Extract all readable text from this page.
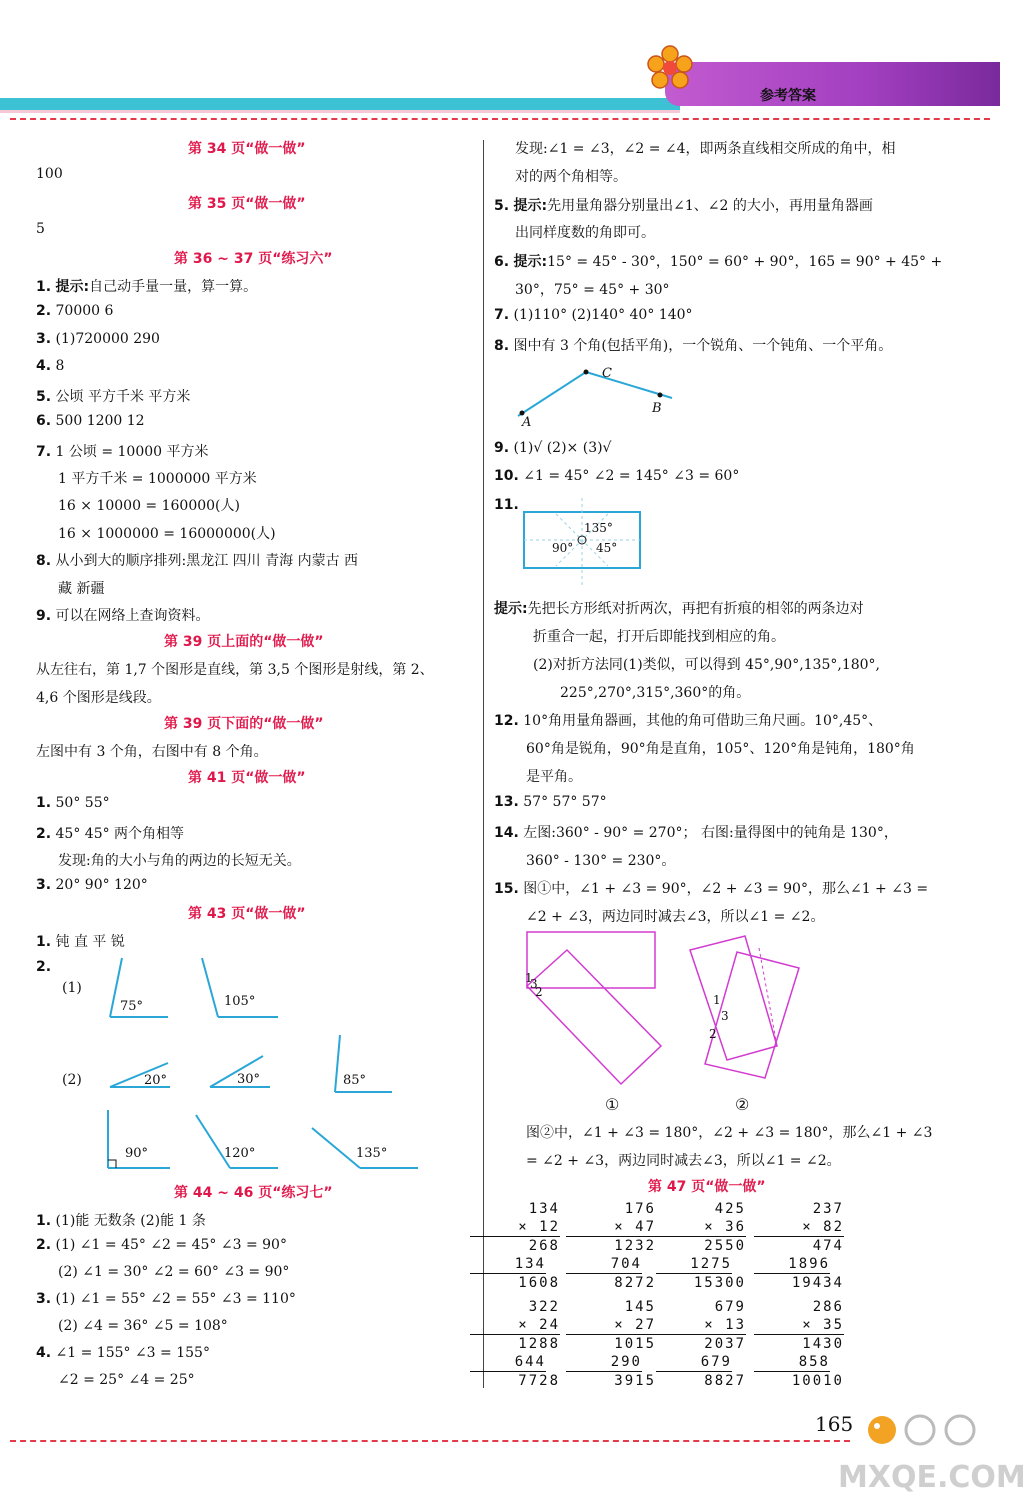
参考答案
第 34 页“做一做”
100
第 35 页“做一做”
5
第 36 ~ 37 页“练习六”
1. 提示:自己动手量一量，算一算。
2. 70000 6
3. (1)720000 290
4. 8
5. 公顷 平方千米 平方米
6. 500 1200 12
7. 1 公顷 = 10000 平方米
1 平方千米 = 1000000 平方米
16 × 10000 = 160000(人)
16 × 1000000 = 16000000(人)
8. 从小到大的顺序排列:黑龙江 四川 青海 内蒙古 西
藏 新疆
9. 可以在网络上查询资料。
第 39 页上面的“做一做”
从左往右，第 1,7 个图形是直线，第 3,5 个图形是射线，第 2、
4,6 个图形是线段。
第 39 页下面的“做一做”
左图中有 3 个角，右图中有 8 个角。
第 41 页“做一做”
1. 50° 55°
2. 45° 45° 两个角相等
发现:角的大小与角的两边的长短无关。
3. 20° 90° 120°
第 43 页“做一做”
1. 钝 直 平 锐
2.
(1)
(2)
75°	105°
20°	30°	85°
90°	120°	135°
第 44 ~ 46 页“练习七”
1. (1)能 无数条 (2)能 1 条
2. (1) ∠1 = 45° ∠2 = 45° ∠3 = 90°
(2) ∠1 = 30° ∠2 = 60° ∠3 = 90°
3. (1) ∠1 = 55° ∠2 = 55° ∠3 = 110°
(2) ∠4 = 36° ∠5 = 108°
4. ∠1 = 155° ∠3 = 155°
∠2 = 25° ∠4 = 25°
发现:∠1 = ∠3，∠2 = ∠4，即两条直线相交所成的角中，相
对的两个角相等。
5. 提示:先用量角器分别量出∠1、∠2 的大小，再用量角器画
出同样度数的角即可。
6. 提示:15° = 45° - 30°，150° = 60° + 90°，165 = 90° + 45° +
30°，75° = 45° + 30°
7. (1)110° (2)140° 40° 140°
8. 图中有 3 个角(包括平角)，一个锐角、一个钝角、一个平角。
C
B
A
9. (1)√ (2)× (3)√
10. ∠1 = 45° ∠2 = 145° ∠3 = 60°
11.
135°
90° 45°
提示:先把长方形纸对折两次，再把有折痕的相邻的两条边对
折重合一起，打开后即能找到相应的角。
(2)对折方法同(1)类似，可以得到 45°,90°,135°,180°,
225°,270°,315°,360°的角。
12. 10°角用量角器画，其他的角可借助三角尺画。10°,45°、
60°角是锐角，90°角是直角，105°、120°角是钝角，180°角
是平角。
13. 57° 57° 57°
14. 左图:360° - 90° = 270°； 右图:量得图中的钝角是 130°，
360° - 130° = 230°。
15. 图①中，∠1 + ∠3 = 90°，∠2 + ∠3 = 90°，那么∠1 + ∠3 =
∠2 + ∠3，两边同时减去∠3，所以∠1 = ∠2。
1
3
2
1
3
2
①	②
图②中，∠1 + ∠3 = 180°，∠2 + ∠3 = 180°，那么∠1 + ∠3
= ∠2 + ∠3，两边同时减去∠3，所以∠1 = ∠2。
第 47 页“做一做”
134
× 12
268
134
1608
176
× 47
1232
704
8272
425
× 36
2550
1275
15300
237
× 82
474
1896
19434
322
× 24
1288
644
7728
145
× 27
1015
290
3915
679
× 13
2037
679
8827
286
× 35
1430
858
10010
165
MXQE.COM
